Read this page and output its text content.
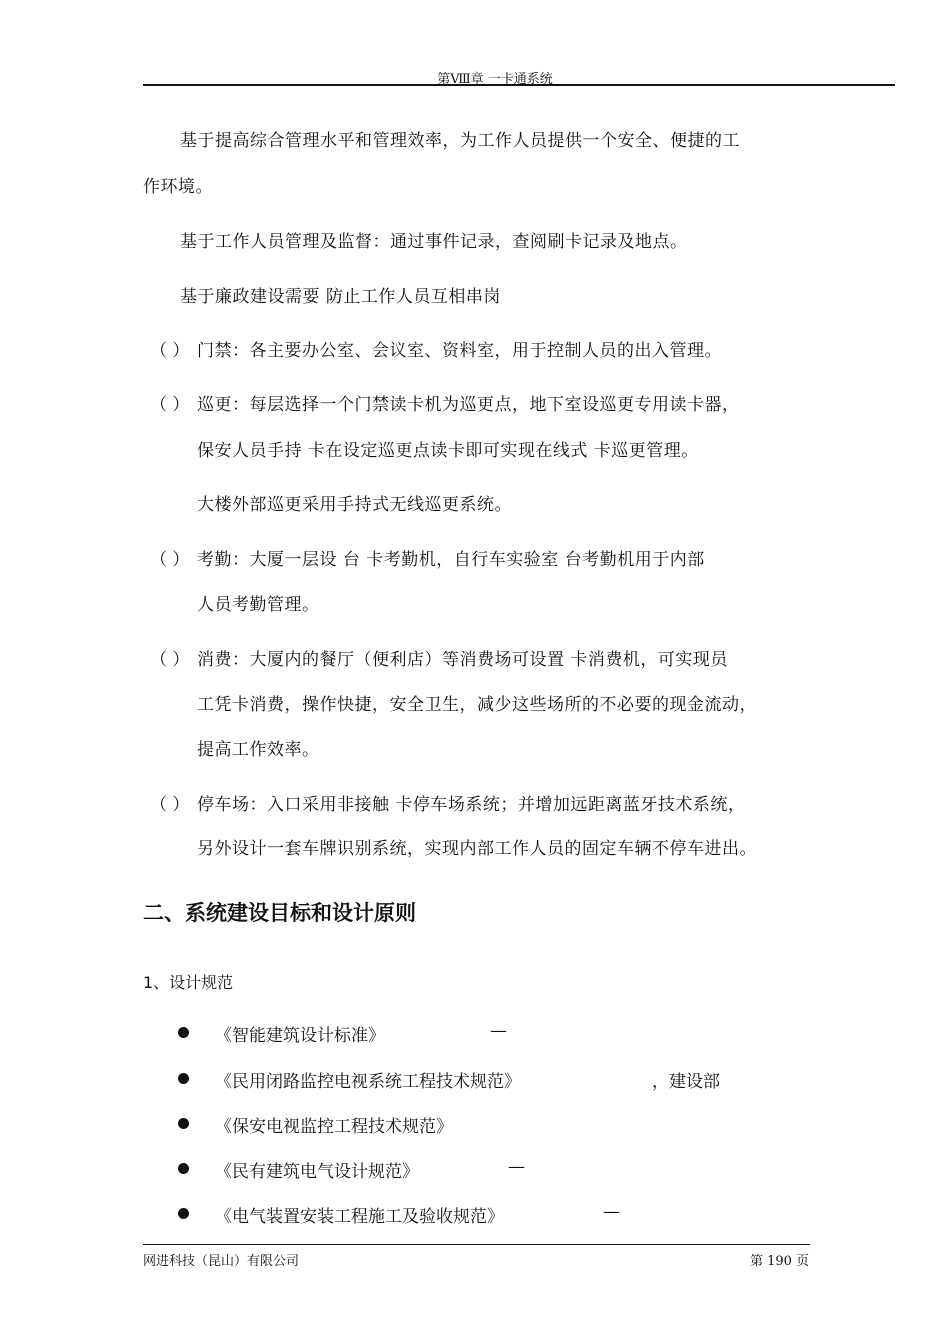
第Ⅷ章 一卡通系统
基于提高综合管理水平和管理效率，为工作人员提供一个安全、便捷的工
作环境。
基于工作人员管理及监督：通过事件记录，查阅刷卡记录及地点。
基于廉政建设需要 防止工作人员互相串岗
（ ） 门禁：各主要办公室、会议室、资料室，用于控制人员的出入管理。
（ ） 巡更：每层选择一个门禁读卡机为巡更点，地下室设巡更专用读卡器，
保安人员手持 卡在设定巡更点读卡即可实现在线式 卡巡更管理。
大楼外部巡更采用手持式无线巡更系统。
（ ） 考勤：大厦一层设 台 卡考勤机，自行车实验室 台考勤机用于内部
人员考勤管理。
（ ） 消费：大厦内的餐厅（便利店）等消费场可设置 卡消费机，可实现员
工凭卡消费，操作快捷，安全卫生，减少这些场所的不必要的现金流动，
提高工作效率。
（ ） 停车场：入口采用非接触 卡停车场系统；并增加远距离蓝牙技术系统，
另外设计一套车牌识别系统，实现内部工作人员的固定车辆不停车进出。
二、系统建设目标和设计原则
1、设计规范
《智能建筑设计标准》	—
《民用闭路监控电视系统工程技术规范》	，建设部
《保安电视监控工程技术规范》
《民有建筑电气设计规范》	—
《电气装置安装工程施工及验收规范》	—
网进科技（昆山）有限公司	第 190 页
